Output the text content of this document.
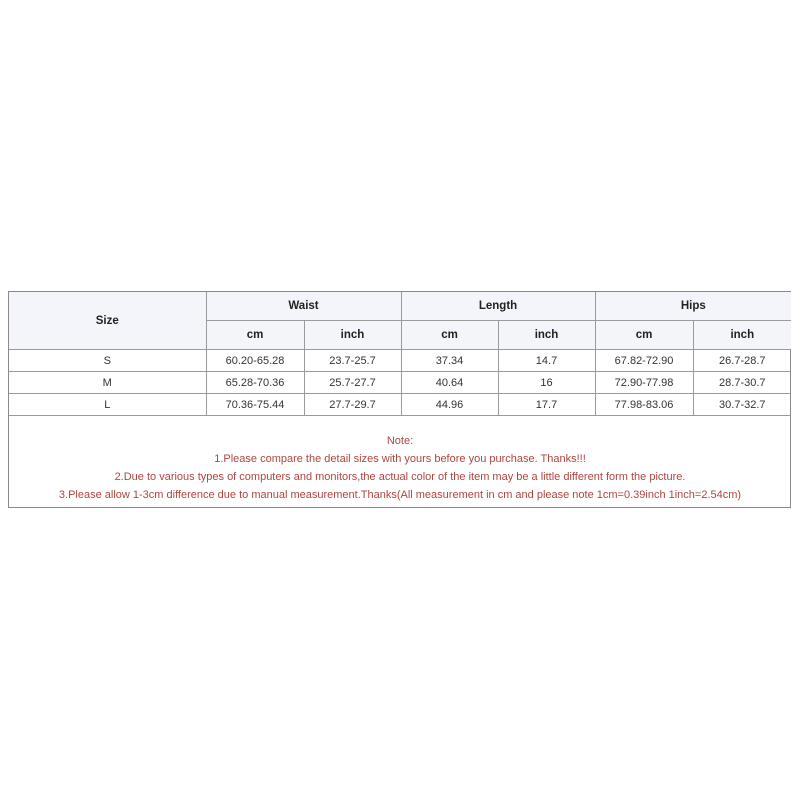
Size	Waist		Length		Hips	
	cm	inch	cm	inch	cm	inch
S	60.20-65.28	23.7-25.7	37.34	14.7	67.82-72.90	26.7-28.7
M	65.28-70.36	25.7-27.7	40.64	16	72.90-77.98	28.7-30.7
L	70.36-75.44	27.7-29.7	44.96	17.7	77.98-83.06	30.7-32.7
Note:
1.Please compare the detail sizes with yours before you purchase. Thanks!!!
2.Due to various types of computers and monitors,the actual color of the item may be a little different form the picture.
3.Please allow 1-3cm difference due to manual measurement.Thanks(All measurement in cm and please note 1cm=0.39inch 1inch=2.54cm)
